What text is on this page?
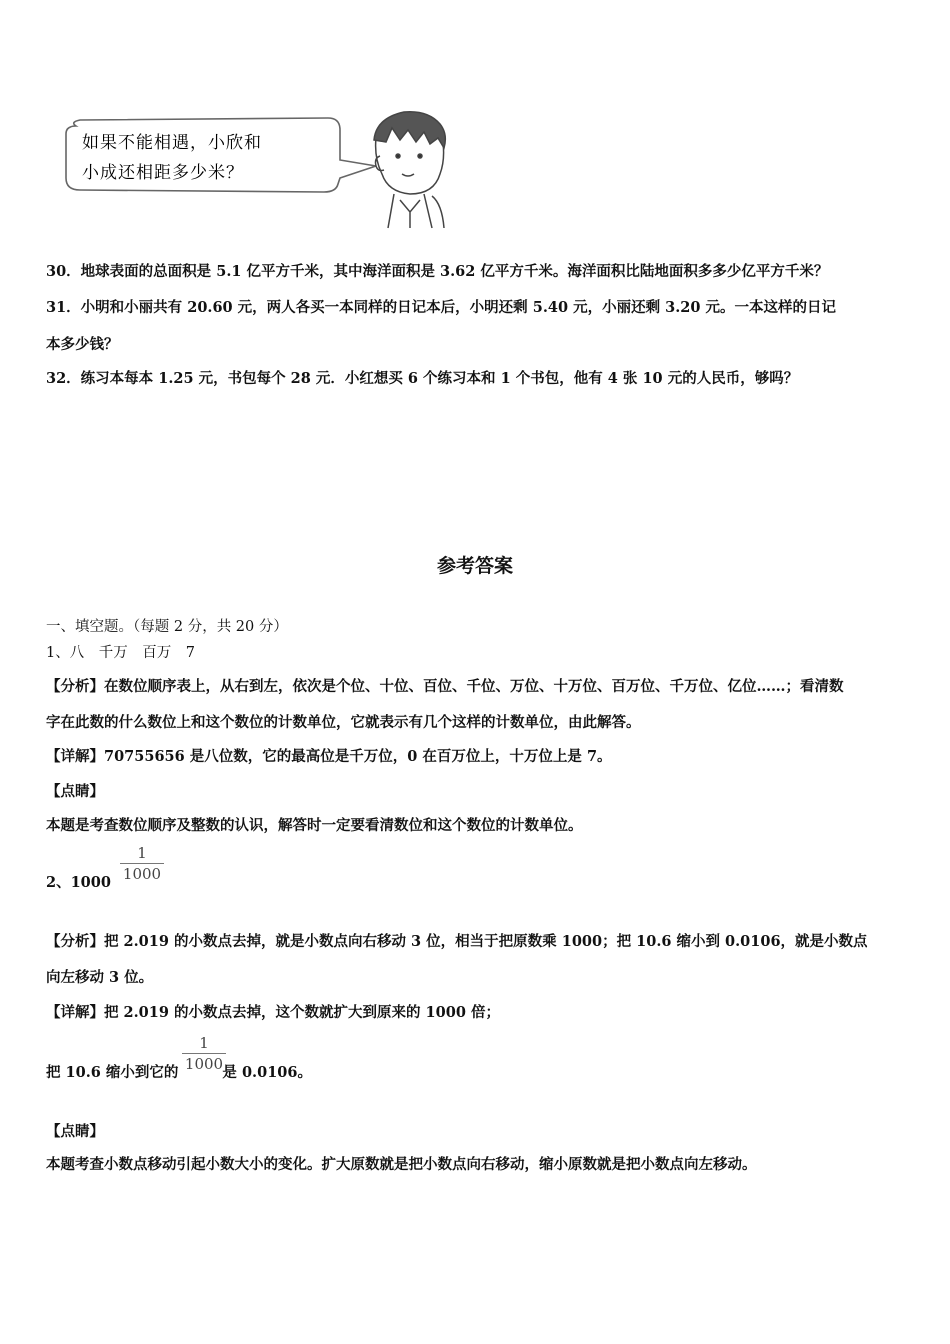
如果不能相遇，小欣和
小成还相距多少米？
30．地球表面的总面积是 5.1 亿平方千米，其中海洋面积是 3.62 亿平方千米。海洋面积比陆地面积多多少亿平方千米？
31．小明和小丽共有 20.60 元，两人各买一本同样的日记本后，小明还剩 5.40 元，小丽还剩 3.20 元。一本这样的日记
本多少钱？
32．练习本每本 1.25 元，书包每个 28 元．小红想买 6 个练习本和 1 个书包，他有 4 张 10 元的人民币，够吗？
参考答案
一、填空题。（每题 2 分，共 20 分）
1、八　千万　百万　7
【分析】在数位顺序表上，从右到左，依次是个位、十位、百位、千位、万位、十万位、百万位、千万位、亿位……；看清数
字在此数的什么数位上和这个数位的计数单位，它就表示有几个这样的计数单位，由此解答。
【详解】70755656 是八位数，它的最高位是千万位，0 在百万位上，十万位上是 7。
【点睛】
本题是考查数位顺序及整数的认识，解答时一定要看清数位和这个数位的计数单位。
2、1000
1
1000
【分析】把 2.019 的小数点去掉，就是小数点向右移动 3 位，相当于把原数乘 1000；把 10.6 缩小到 0.0106，就是小数点
向左移动 3 位。
【详解】把 2.019 的小数点去掉，这个数就扩大到原来的 1000 倍；
把 10.6 缩小到它的	是 0.0106。
1
1000
【点睛】
本题考查小数点移动引起小数大小的变化。扩大原数就是把小数点向右移动，缩小原数就是把小数点向左移动。
